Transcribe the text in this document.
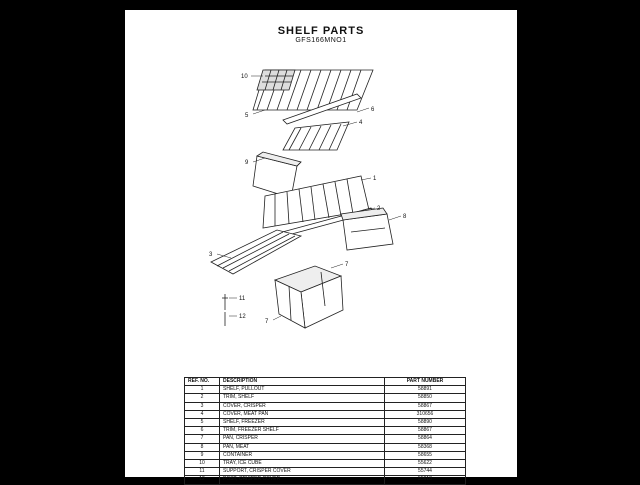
SHELF PARTS
GFS166MNO1
10
6
5
4
9
1
2
8
3
7
11
12
7
REF. NO.	DESCRIPTION	PART NUMBER
1	SHELF, PULLOUT	58891
2	TRIM, SHELF	58850
3	COVER, CRISPER	58867
4	COVER, MEAT PAN	310656
5	SHELF, FREEZER	58890
6	TRIM, FREEZER SHELF	58867
7	PAN, CRISPER	58864
8	PAN, MEAT	58368
9	CONTAINER	58655
10	TRAY, ICE CUBE	55622
11	SUPPORT, CRISPER COVER	55744
12	POST, CRISPER COVER	55618
